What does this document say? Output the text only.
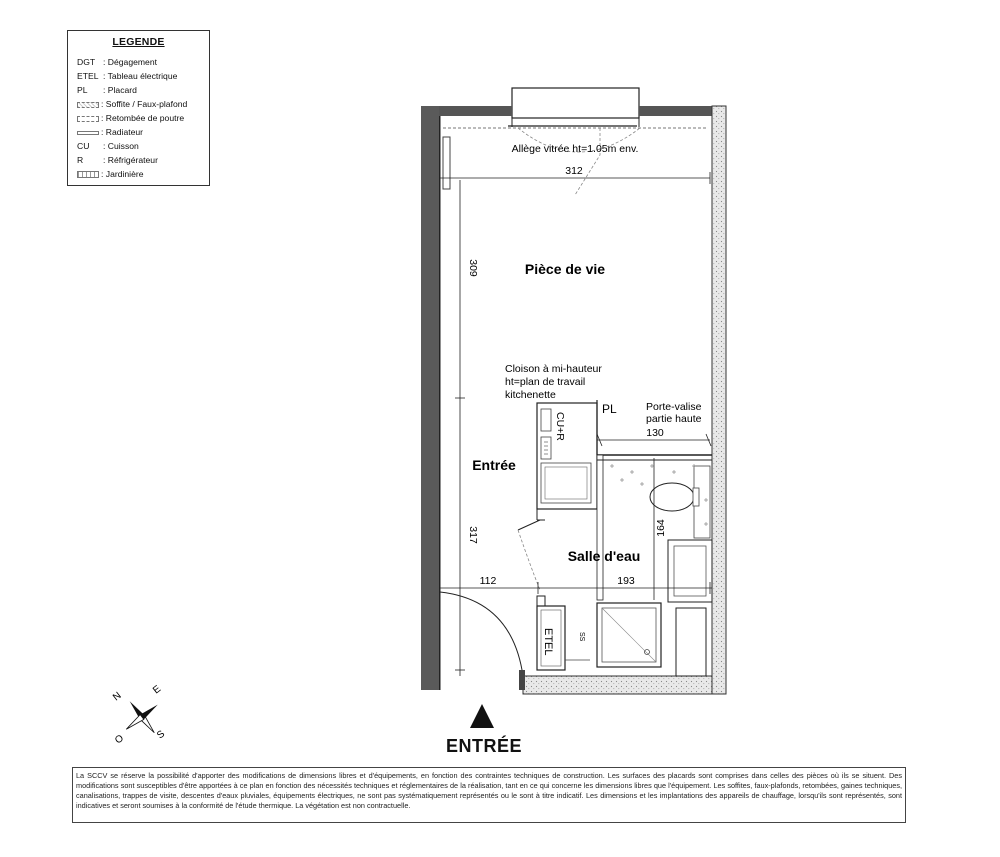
LEGENDE
DGT : Dégagement
ETEL : Tableau électrique
PL : Placard
: Soffite / Faux-plafond
: Retombée de poutre
: Radiateur
CU : Cuisson
R : Réfrigérateur
: Jardinière	312
309
317
CU+R
PL	Porte-valise
partie haute
130
164
112	193
ETEL	SS
Pièce de vie
Entrée
Salle d'eau
Allège vitrée ht=1.05m env.
Cloison à mi-hauteur
ht=plan de travail
kitchenette
N
E
S
O	ENTRÉE
La SCCV se réserve la possibilité d'apporter des modifications de dimensions libres et d'équipements, en fonction des contraintes techniques de construction. Les surfaces des placards sont comprises dans celles des pièces où ils se situent. Des modifications sont susceptibles d'être apportées à ce plan en fonction des nécessités techniques et réglementaires de la réalisation, tant en ce qui concerne les dimensions libres que l'équipement. Les soffites, faux-plafonds, retombées, gaines techniques, canalisations, trappes de visite, descentes d'eaux pluviales, équipements électriques, ne sont pas systématiquement représentés ou le sont à titre indicatif. Les dimensions et les implantations des appareils de chauffage, lorsqu'ils sont représentés, sont indicatives et seront soumises à la conformité de l'étude thermique. La végétation est non contractuelle.
